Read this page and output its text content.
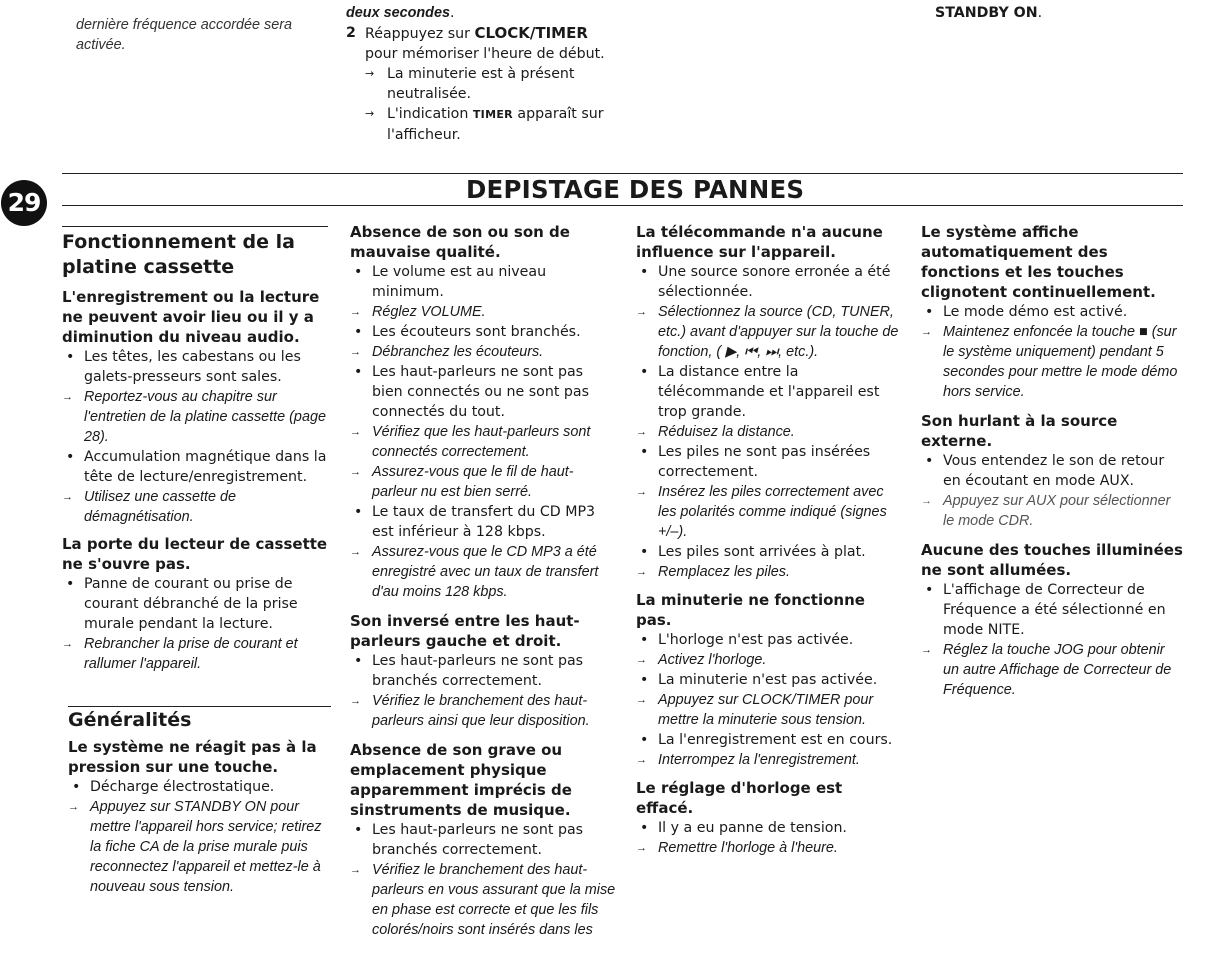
dernière fréquence accordée sera
activée.
deux secondes.
2 Réappuyez sur CLOCK/TIMER
pour mémoriser l'heure de début.
→ La minuterie est à présent
neutralisée.
→ L'indication TIMER apparaît sur
l'afficheur.
STANDBY ON.
29	DEPISTAGE DES PANNES
Fonctionnement de la platine cassette
L'enregistrement ou la lecture ne peuvent avoir lieu ou il y a diminution du niveau audio.
• Les têtes, les cabestans ou les galets-presseurs sont sales.
→ Reportez-vous au chapitre sur l'entretien de la platine cassette (page 28).
• Accumulation magnétique dans la tête de lecture/enregistrement.
→ Utilisez une cassette de démagnétisation.
La porte du lecteur de cassette ne s'ouvre pas.
• Panne de courant ou prise de courant débranché de la prise murale pendant la lecture.
→ Rebrancher la prise de courant et rallumer l'appareil.
Généralités
Le système ne réagit pas à la pression sur une touche.
• Décharge électrostatique.
→ Appuyez sur STANDBY ON pour mettre l'appareil hors service; retirez la fiche CA de la prise murale puis reconnectez l'appareil et mettez-le à nouveau sous tension.
Absence de son ou son de mauvaise qualité.
• Le volume est au niveau minimum.
→ Réglez VOLUME.
• Les écouteurs sont branchés.
→ Débranchez les écouteurs.
• Les haut-parleurs ne sont pas bien connectés ou ne sont pas connectés du tout.
→ Vérifiez que les haut-parleurs sont connectés correctement.
→ Assurez-vous que le fil de haut-parleur nu est bien serré.
• Le taux de transfert du CD MP3 est inférieur à 128 kbps.
→ Assurez-vous que le CD MP3 a été enregistré avec un taux de transfert d'au moins 128 kbps.
Son inversé entre les haut-parleurs gauche et droit.
• Les haut-parleurs ne sont pas branchés correctement.
→ Vérifiez le branchement des haut-parleurs ainsi que leur disposition.
Absence de son grave ou emplacement physique apparemment imprécis de sinstruments de musique.
• Les haut-parleurs ne sont pas branchés correctement.
→ Vérifiez le branchement des haut-parleurs en vous assurant que la mise en phase est correcte et que les fils colorés/noirs sont insérés dans les
La télécommande n'a aucune influence sur l'appareil.
• Une source sonore erronée a été sélectionnée.
→ Sélectionnez la source (CD, TUNER, etc.) avant d'appuyer sur la touche de fonction, ( ▶, ⏮, ⏭, etc.).
• La distance entre la télécommande et l'appareil est trop grande.
→ Réduisez la distance.
• Les piles ne sont pas insérées correctement.
→ Insérez les piles correctement avec les polarités comme indiqué (signes +/–).
• Les piles sont arrivées à plat.
→ Remplacez les piles.
La minuterie ne fonctionne pas.
• L'horloge n'est pas activée.
→ Activez l'horloge.
• La minuterie n'est pas activée.
→ Appuyez sur CLOCK/TIMER pour mettre la minuterie sous tension.
• La l'enregistrement est en cours.
→ Interrompez la l'enregistrement.
Le réglage d'horloge est effacé.
• Il y a eu panne de tension.
→ Remettre l'horloge à l'heure.
Le système affiche automatiquement des fonctions et les touches clignotent continuellement.
• Le mode démo est activé.
→ Maintenez enfoncée la touche ■ (sur le système uniquement) pendant 5 secondes pour mettre le mode démo hors service.
Son hurlant à la source externe.
• Vous entendez le son de retour en écoutant en mode AUX.
→ Appuyez sur AUX pour sélectionner le mode CDR.
Aucune des touches illuminées ne sont allumées.
• L'affichage de Correcteur de Fréquence a été sélectionné en mode NITE.
→ Réglez la touche JOG pour obtenir un autre Affichage de Correcteur de Fréquence.
